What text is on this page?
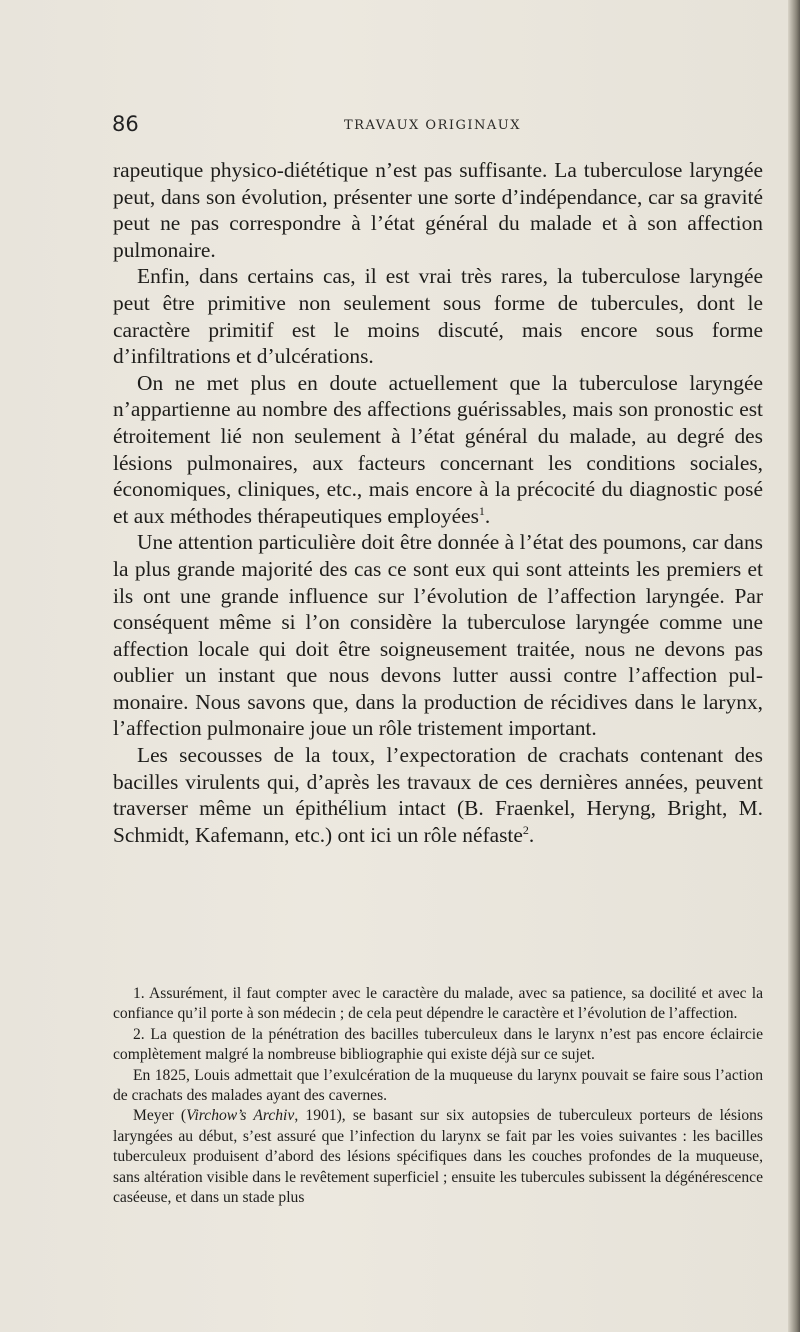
86	TRAVAUX ORIGINAUX

rapeutique physico-diététique n’est pas suffisante. La tuberculose laryngée peut, dans son évolution, présenter une sorte d’indépendance, car sa gravité peut ne pas correspondre à l’état général du malade et à son affection pulmonaire.

Enfin, dans certains cas, il est vrai très rares, la tuberculose laryngée peut être primitive non seulement sous forme de tubercules, dont le caractère primitif est le moins discuté, mais encore sous forme d’infiltrations et d’ulcérations.

On ne met plus en doute actuellement que la tuberculose laryngée n’appartienne au nombre des affections guérissables, mais son pronostic est étroitement lié non seulement à l’état général du malade, au degré des lésions pulmonaires, aux facteurs concernant les conditions sociales, économiques, cliniques, etc., mais encore à la précocité du diagnostic posé et aux méthodes thérapeutiques employées$^1$.

Une attention particulière doit être donnée à l’état des poumons, car dans la plus grande majorité des cas ce sont eux qui sont atteints les premiers et ils ont une grande influence sur l’évolution de l’affection laryngée. Par conséquent même si l’on considère la tuberculose laryngée comme une affection locale qui doit être soigneusement traitée, nous ne devons pas oublier un instant que nous devons lutter aussi contre l’affection pulmonaire. Nous savons que, dans la production de récidives dans le larynx, l’affection pulmonaire joue un rôle tristement important.

Les secousses de la toux, l’expectoration de crachats contenant des bacilles virulents qui, d’après les travaux de ces dernières années, peuvent traverser même un épithélium intact (B. Fraenkel, Heryng, Bright, M. Schmidt, Kafemann, etc.) ont ici un rôle néfaste$^2$.

1. Assurément, il faut compter avec le caractère du malade, avec sa patience, sa docilité et avec la confiance qu’il porte à son médecin ; de cela peut dépendre le caractère et l’évolution de l’affection.

2. La question de la pénétration des bacilles tuberculeux dans le larynx n’est pas encore éclaircie complètement malgré la nombreuse bibliographie qui existe déjà sur ce sujet.

En 1825, Louis admettait que l’exulcération de la muqueuse du larynx pouvait se faire sous l’action de crachats des malades ayant des cavernes.

Meyer (Virchow’s Archiv, 1901), se basant sur six autopsies de tuberculeux porteurs de lésions laryngées au début, s’est assuré que l’infection du larynx se fait par les voies suivantes : les bacilles tuberculeux produisent d’abord des lésions spécifiques dans les couches profondes de la muqueuse, sans altération visible dans le revêtement superficiel ; ensuite les tubercules subissent la dégénérescence caséeuse, et dans un stade plus
